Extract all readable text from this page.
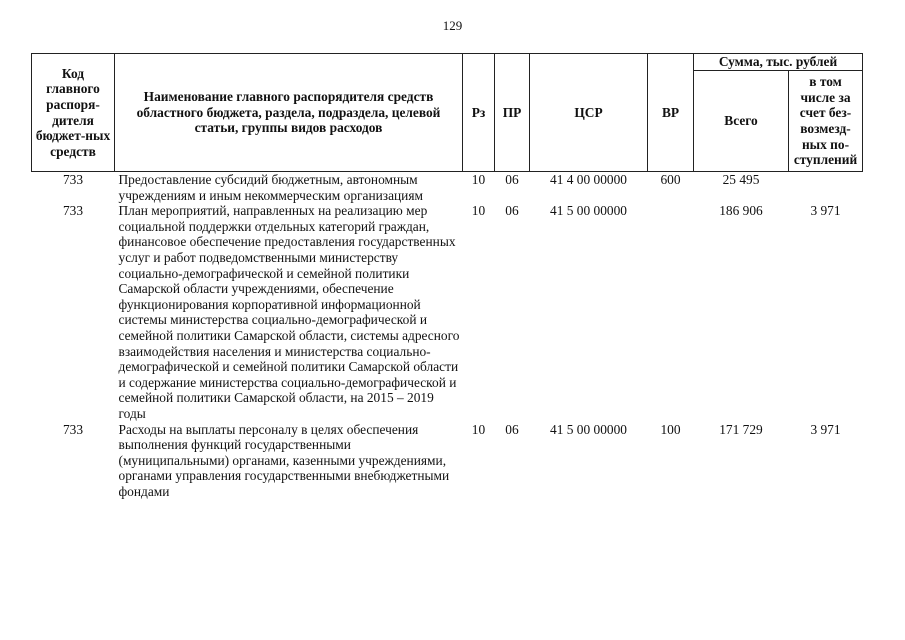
129
Код главного распоря-дителя бюджет-ных средств	Наименование главного распорядителя средств областного бюджета, раздела, подраздела, целевой статьи, группы видов расходов	Рз	ПР	ЦСР	ВР	Сумма, тыс. рублей	
						Всего	в том числе за счет без-возмезд-ных по-ступлений
733	Предоставление субсидий бюджетным, автономным учреждениям и иным некоммерческим организациям	10	06	41 4 00 00000	600	25 495	
733	План мероприятий, направленных на реализацию мер социальной поддержки отдельных категорий граждан, финансовое обеспечение предоставления государственных услуг и работ подведомственными министерству социально-демографической и семейной политики Самарской области учреждениями, обеспечение функционирования корпоративной информационной системы министерства социально-демографической и семейной политики Самарской области, системы адресного взаимодействия населения и министерства социально-демографической и семейной политики Самарской области и содержание министерства социально-демографической и семейной политики Самарской области, на 2015 – 2019 годы	10	06	41 5 00 00000		186 906	3 971
733	Расходы на выплаты персоналу в целях обеспечения выполнения функций государственными (муниципальными) органами, казенными учреждениями, органами управления государственными внебюджетными фондами	10	06	41 5 00 00000	100	171 729	3 971
